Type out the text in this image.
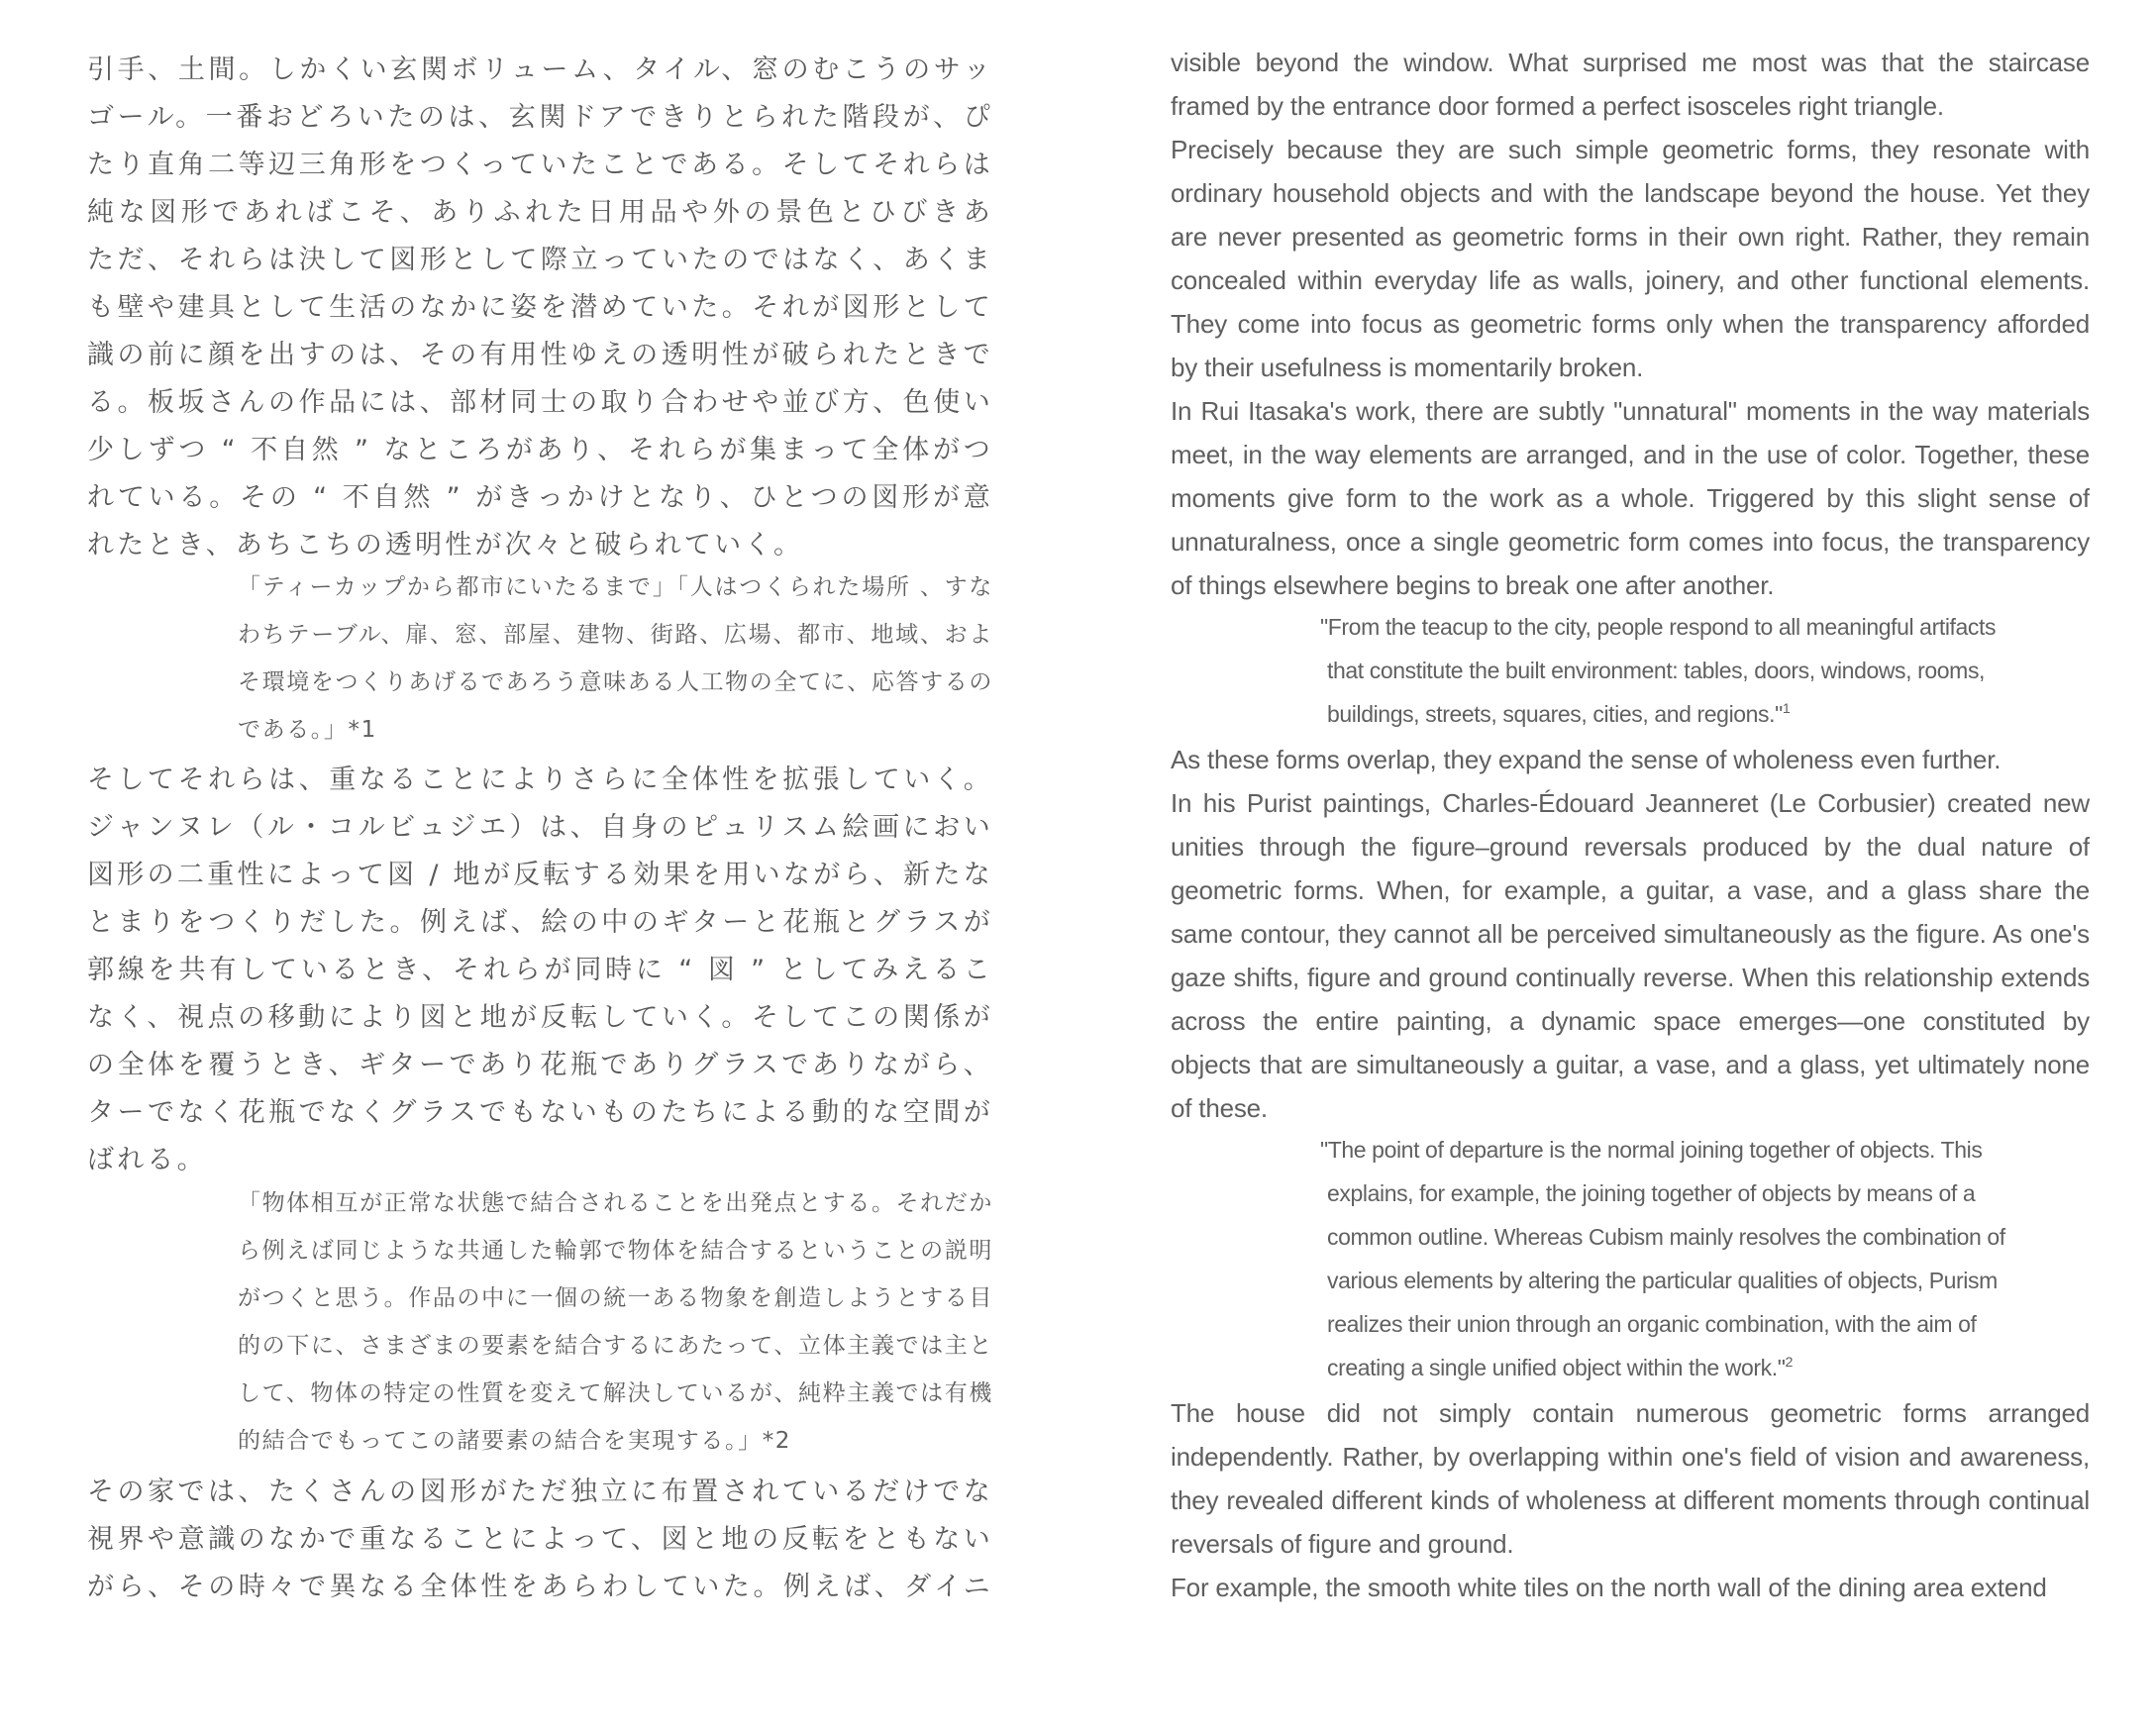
引手、土間。しかくい玄関ボリューム、タイル、窓のむこうのサッ
ゴール。一番おどろいたのは、玄関ドアできりとられた階段が、ぴ
たり直角二等辺三角形をつくっていたことである。そしてそれらは
純な図形であればこそ、ありふれた日用品や外の景色とひびきあ
ただ、それらは決して図形として際立っていたのではなく、あくま
も壁や建具として生活のなかに姿を潜めていた。それが図形として
識の前に顔を出すのは、その有用性ゆえの透明性が破られたときで
る。板坂さんの作品には、部材同士の取り合わせや並び方、色使い
少しずつ “ 不自然 ” なところがあり、それらが集まって全体がつ
れている。その “ 不自然 ” がきっかけとなり、ひとつの図形が意
れたとき、あちこちの透明性が次々と破られていく。
「ティーカップから都市にいたるまで」「人はつくられた場所 、すな
わちテーブル、扉、窓、部屋、建物、街路、広場、都市、地域、およ
そ環境をつくりあげるであろう意味ある人工物の全てに、応答するの
である。」*1
そしてそれらは、重なることによりさらに全体性を拡張していく。
ジャンヌレ（ル・コルビュジエ）は、自身のピュリスム絵画におい
図形の二重性によって図 / 地が反転する効果を用いながら、新たな
とまりをつくりだした。例えば、絵の中のギターと花瓶とグラスが
郭線を共有しているとき、それらが同時に “ 図 ” としてみえるこ
なく、視点の移動により図と地が反転していく。そしてこの関係が
の全体を覆うとき、ギターであり花瓶でありグラスでありながら、
ターでなく花瓶でなくグラスでもないものたちによる動的な空間が
ばれる。
「物体相互が正常な状態で結合されることを出発点とする。それだか
ら例えば同じような共通した輪郭で物体を結合するということの説明
がつくと思う。作品の中に一個の統一ある物象を創造しようとする目
的の下に、さまざまの要素を結合するにあたって、立体主義では主と
して、物体の特定の性質を変えて解決しているが、純粋主義では有機
的結合でもってこの諸要素の結合を実現する。」*2
その家では、たくさんの図形がただ独立に布置されているだけでな
視界や意識のなかで重なることによって、図と地の反転をともない
がら、その時々で異なる全体性をあらわしていた。例えば、ダイニ
visible beyond the window. What surprised me most was that the staircase
framed by the entrance door formed a perfect isosceles right triangle.
Precisely because they are such simple geometric forms, they resonate with
ordinary household objects and with the landscape beyond the house. Yet they
are never presented as geometric forms in their own right. Rather, they remain
concealed within everyday life as walls, joinery, and other functional elements.
They come into focus as geometric forms only when the transparency afforded
by their usefulness is momentarily broken.
In Rui Itasaka's work, there are subtly "unnatural" moments in the way materials
meet, in the way elements are arranged, and in the use of color. Together, these
moments give form to the work as a whole. Triggered by this slight sense of
unnaturalness, once a single geometric form comes into focus, the transparency
of things elsewhere begins to break one after another.
"From the teacup to the city, people respond to all meaningful artifacts
that constitute the built environment: tables, doors, windows, rooms,
buildings, streets, squares, cities, and regions."$^1$
As these forms overlap, they expand the sense of wholeness even further.
In his Purist paintings, Charles-Édouard Jeanneret (Le Corbusier) created new
unities through the figure–ground reversals produced by the dual nature of
geometric forms. When, for example, a guitar, a vase, and a glass share the
same contour, they cannot all be perceived simultaneously as the figure. As one's
gaze shifts, figure and ground continually reverse. When this relationship extends
across the entire painting, a dynamic space emerges—one constituted by
objects that are simultaneously a guitar, a vase, and a glass, yet ultimately none
of these.
"The point of departure is the normal joining together of objects. This
explains, for example, the joining together of objects by means of a
common outline. Whereas Cubism mainly resolves the combination of
various elements by altering the particular qualities of objects, Purism
realizes their union through an organic combination, with the aim of
creating a single unified object within the work."$^2$
The house did not simply contain numerous geometric forms arranged
independently. Rather, by overlapping within one's field of vision and awareness,
they revealed different kinds of wholeness at different moments through continual
reversals of figure and ground.
For example, the smooth white tiles on the north wall of the dining area extend
